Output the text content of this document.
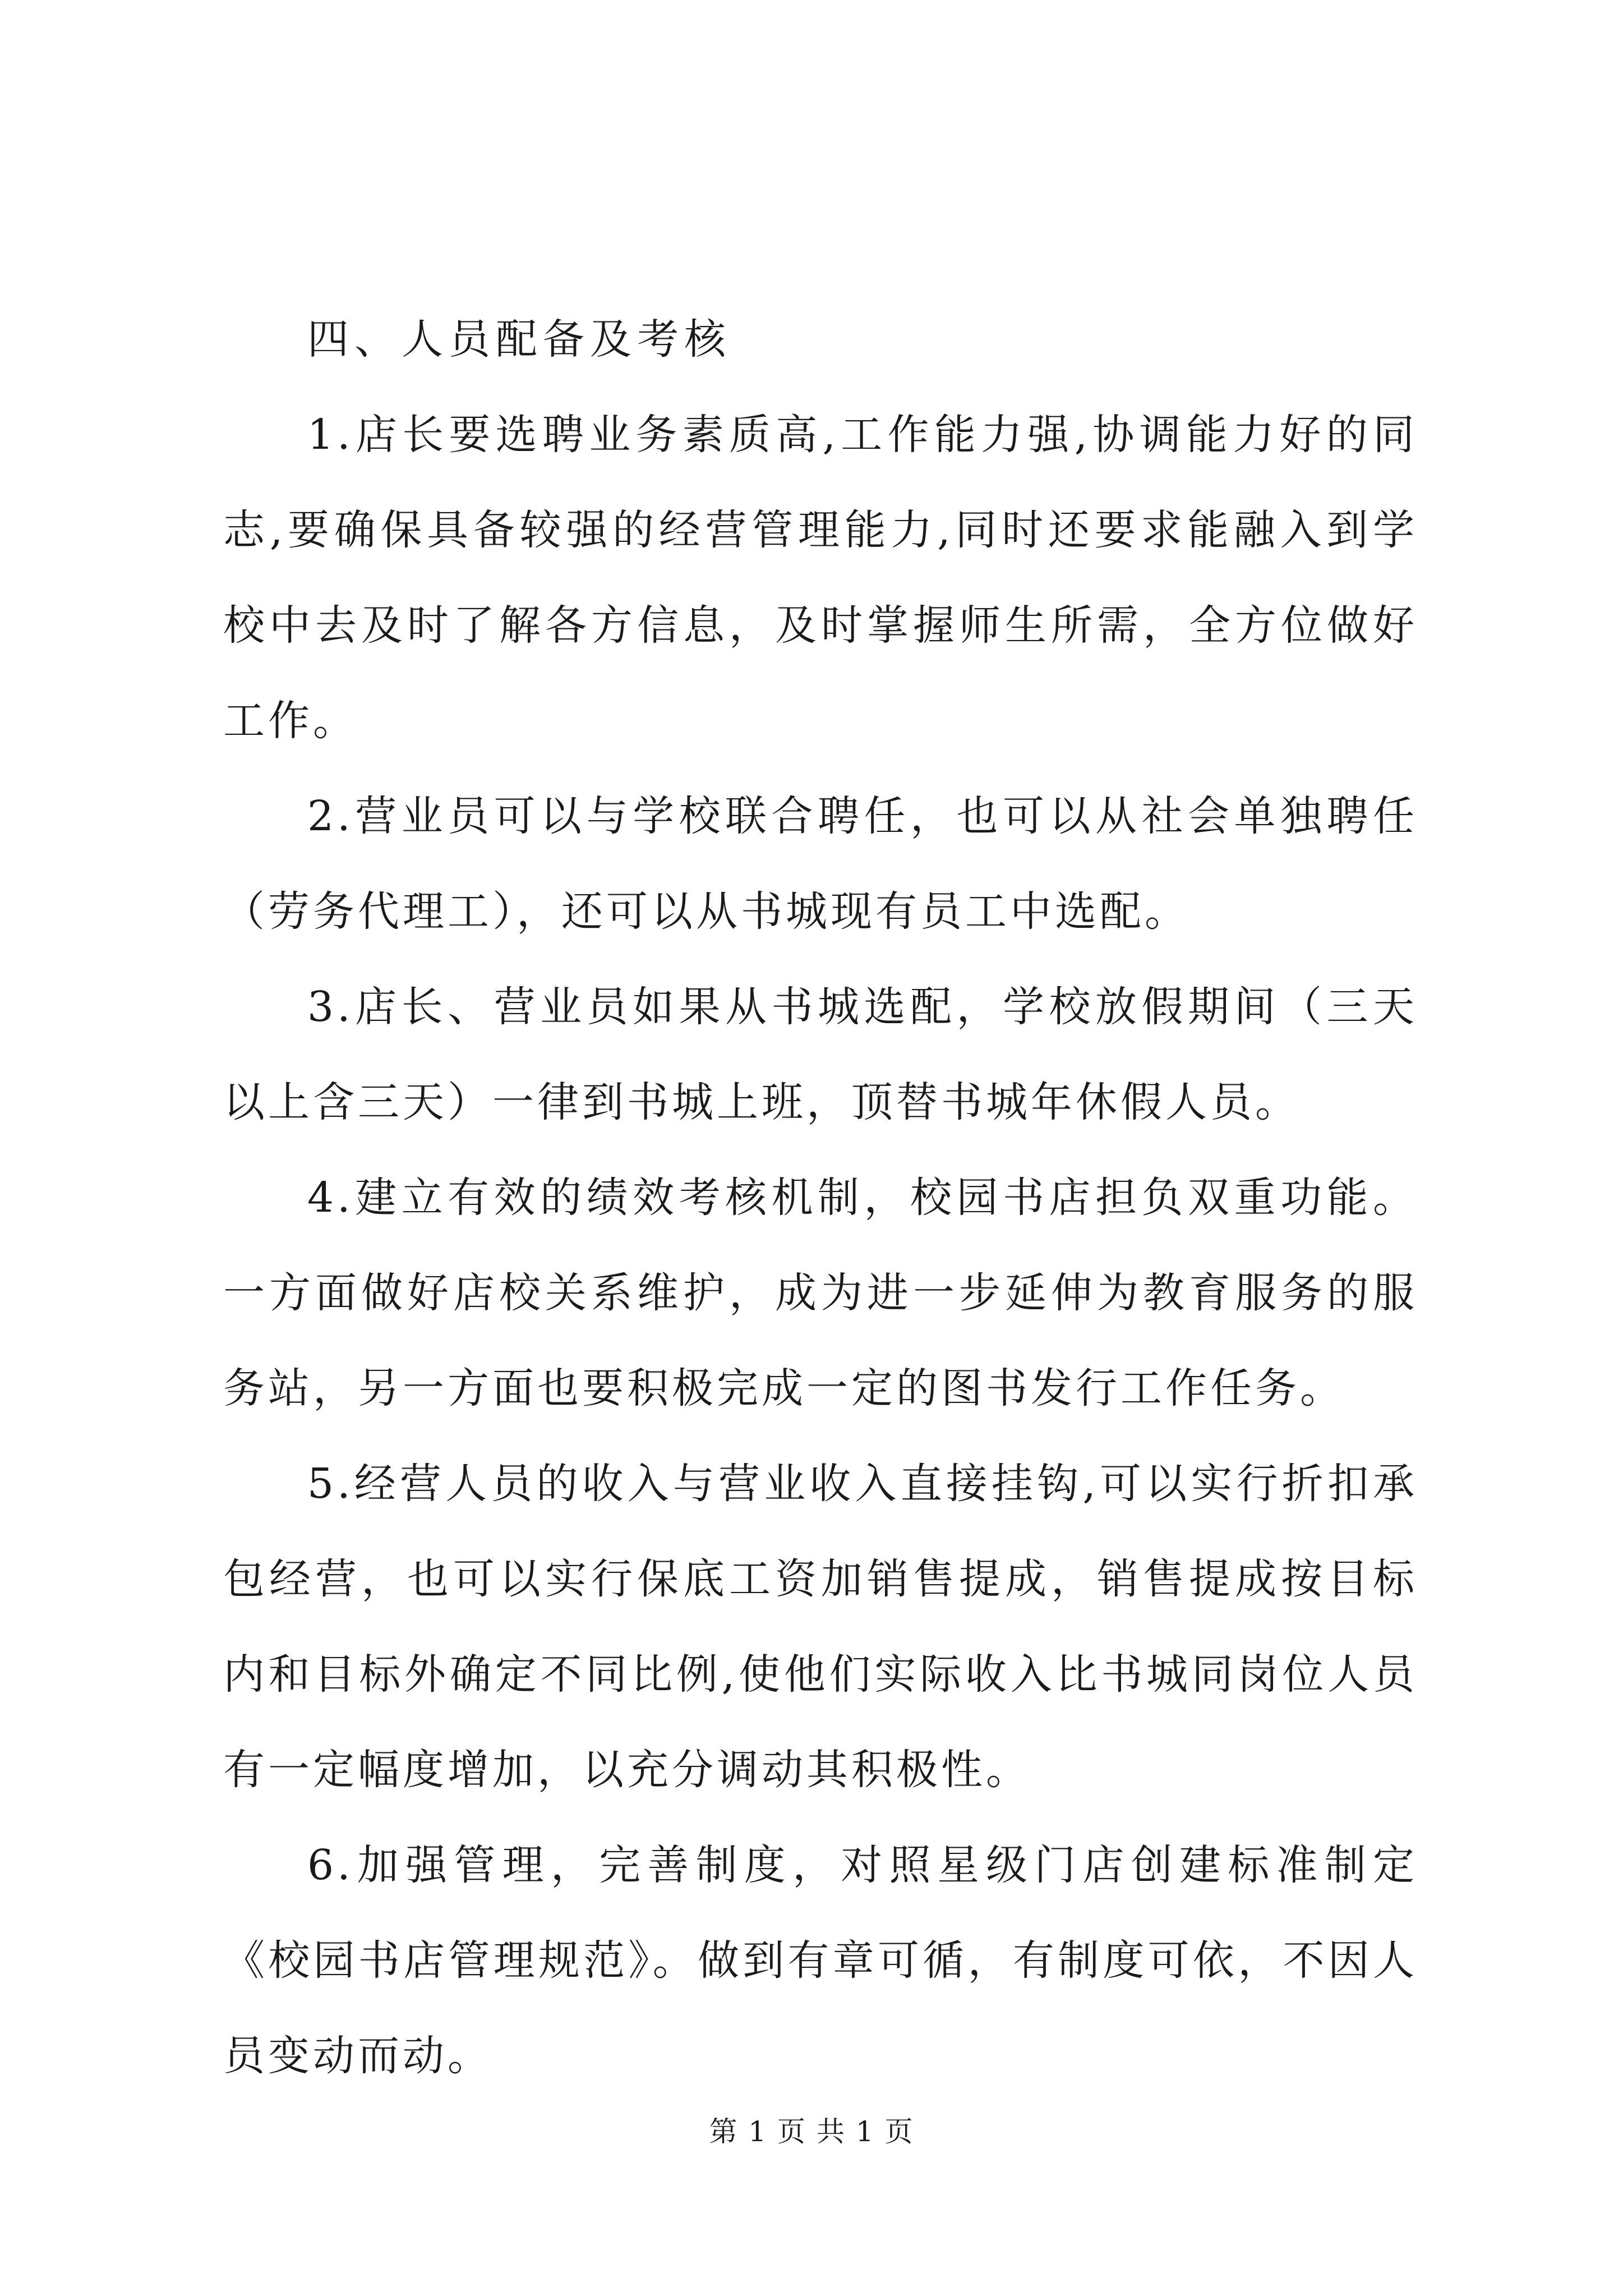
四、人员配备及考核

1.店长要选聘业务素质高,工作能力强,协调能力好的同志,要确保具备较强的经营管理能力,同时还要求能融入到学校中去及时了解各方信息，及时掌握师生所需，全方位做好工作。

2.营业员可以与学校联合聘任，也可以从社会单独聘任（劳务代理工），还可以从书城现有员工中选配。

3.店长、营业员如果从书城选配，学校放假期间（三天以上含三天）一律到书城上班，顶替书城年休假人员。

4.建立有效的绩效考核机制，校园书店担负双重功能。一方面做好店校关系维护，成为进一步延伸为教育服务的服务站，另一方面也要积极完成一定的图书发行工作任务。

5.经营人员的收入与营业收入直接挂钩,可以实行折扣承包经营，也可以实行保底工资加销售提成，销售提成按目标内和目标外确定不同比例,使他们实际收入比书城同岗位人员有一定幅度增加，以充分调动其积极性。

6.加强管理，完善制度，对照星级门店创建标准制定《校园书店管理规范》。做到有章可循，有制度可依，不因人员变动而动。

第 1 页 共 1 页
